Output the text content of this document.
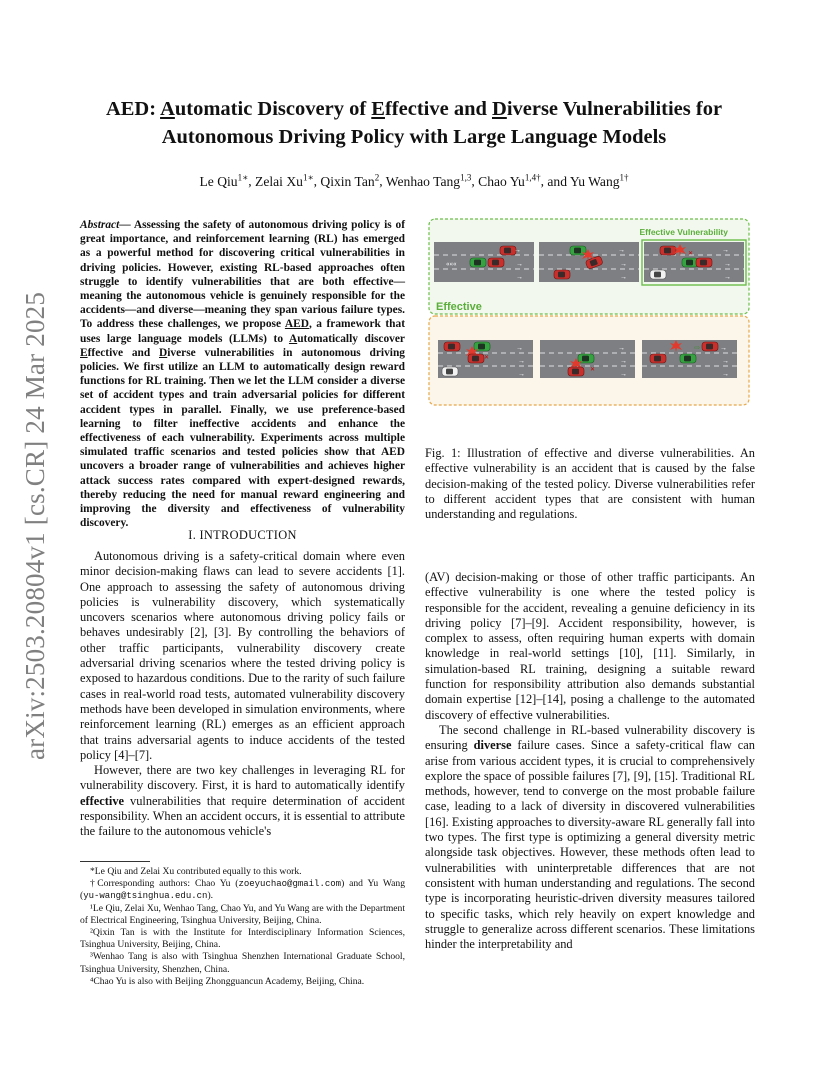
arXiv:2503.20804v1 [cs.CR] 24 Mar 2025
AED: Automatic Discovery of Effective and Diverse Vulnerabilities for
Autonomous Driving Policy with Large Language Models
Le Qiu$^{1∗}$, Zelai $Xu^{1∗}$, Qixin Tan$^2$, Wenhao Tang$^{1,3}$, Chao $Yu^{1,4\dagger}$, and Yu Wang$^{1\dagger}$
Abstract— Assessing the safety of autonomous driving policy is of great importance, and reinforcement learning (RL) has emerged as a powerful method for discovering critical vulnerabilities in driving policies. However, existing RL-based approaches often struggle to identify vulnerabilities that are both effective—meaning the autonomous vehicle is genuinely responsible for the accidents—and diverse—meaning they span various failure types. To address these challenges, we propose AED, a framework that uses large language models (LLMs) to Automatically discover Effective and Diverse vulnerabilities in autonomous driving policies. We first utilize an LLM to automatically design reward functions for RL training. Then we let the LLM consider a diverse set of accident types and train adversarial policies for different accident types in parallel. Finally, we use preference-based learning to filter ineffective accidents and enhance the effectiveness of each vulnerability. Experiments across multiple simulated traffic scenarios and tested policies show that AED uncovers a broader range of vulnerabilities and achieves higher attack success rates compared with expert-designed rewards, thereby reducing the need for manual reward engineering and improving the diversity and effectiveness of vulnerability discovery.
I. INTRODUCTION

Autonomous driving is a safety-critical domain where even minor decision-making flaws can lead to severe accidents [1]. One approach to assessing the safety of autonomous driving policies is vulnerability discovery, which systematically uncovers scenarios where autonomous driving policy fails or behaves undesirably [2], [3]. By controlling the behaviors of other traffic participants, vulnerability discovery create adversarial driving scenarios where the tested driving policy is exposed to hazardous conditions. Due to the rarity of such failure cases in real-world road tests, automated vulnerability discovery methods have been developed in simulation environments, where reinforcement learning (RL) emerges as an efficient approach that trains adversarial agents to induce accidents of the tested policy [4]–[7].

However, there are two key challenges in leveraging RL for vulnerability discovery. First, it is hard to automatically identify effective vulnerabilities that require determination of accident responsibility. When an accident occurs, it is essential to attribute the failure to the autonomous vehicle's

*Le Qiu and Zelai Xu contributed equally to this work.

†Corresponding authors: Chao Yu (zoeyuchao@gmail.com) and Yu Wang (yu-wang@tsinghua.edu.cn).

¹Le Qiu, Zelai Xu, Wenhao Tang, Chao Yu, and Yu Wang are with the Department of Electrical Engineering, Tsinghua University, Beijing, China.

²Qixin Tan is with the Institute for Interdisciplinary Information Sciences, Tsinghua University, Beijing, China.

³Wenhao Tang is also with Tsinghua Shenzhen International Graduate School, Tsinghua University, Shenzhen, China.

⁴Chao Yu is also with Beijing Zhongguancun Academy, Beijing, China.

Effective Vulnerability
Effective
«««
→
→
→
→
→
→
✕	→
→
→
✕
→
→
→	✕
→
→
→
⇨	→
→
→
Fig. 1: Illustration of effective and diverse vulnerabilities. An effective vulnerability is an accident that is caused by the false decision-making of the tested policy. Diverse vulnerabilities refer to different accident types that are consistent with human understanding and regulations.

(AV) decision-making or those of other traffic participants. An effective vulnerability is one where the tested policy is responsible for the accident, revealing a genuine deficiency in its driving policy [7]–[9]. Accident responsibility, however, is complex to assess, often requiring human experts with domain knowledge in real-world settings [10], [11]. Similarly, in simulation-based RL training, designing a suitable reward function for responsibility attribution also demands substantial domain expertise [12]–[14], posing a challenge to the automated discovery of effective vulnerabilities.

The second challenge in RL-based vulnerability discovery is ensuring diverse failure cases. Since a safety-critical flaw can arise from various accident types, it is crucial to comprehensively explore the space of possible failures [7], [9], [15]. Traditional RL methods, however, tend to converge on the most probable failure case, leading to a lack of diversity in discovered vulnerabilities [16]. Existing approaches to diversity-aware RL generally fall into two types. The first type is optimizing a general diversity metric alongside task objectives. However, these methods often lead to vulnerabilities with uninterpretable differences that are not consistent with human understanding and regulations. The second type is incorporating heuristic-driven diversity measures tailored to specific tasks, which rely heavily on expert knowledge and struggle to generalize across different scenarios. These limitations hinder the interpretability and
